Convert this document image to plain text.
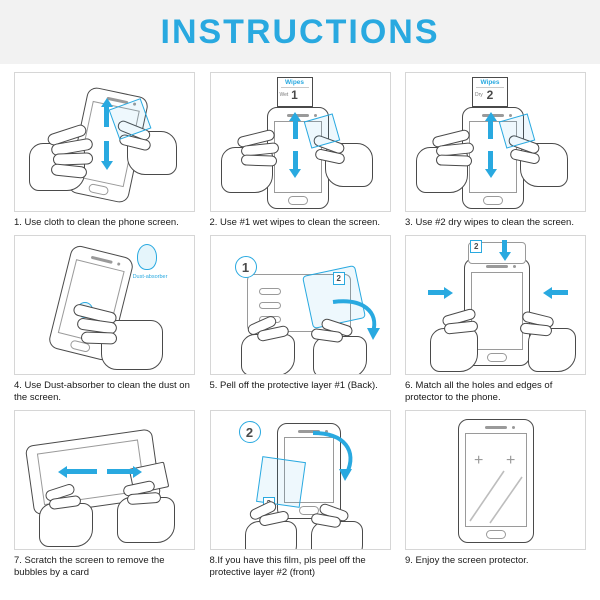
INSTRUCTIONS
1. Use cloth to clean the phone screen.
Wipes
1
Wet
2. Use #1 wet wipes to clean the screen.
Wipes
2
Dry
3. Use #2 dry wipes to clean the screen.
Dust-absorber
4. Use Dust-absorber to clean the dust on the screen.
1
2
5. Pell off the protective layer #1 (Back).
2
6. Match all the holes and edges of protector to the phone.
7. Scratch the screen to remove the bubbles by a card
2
8.If you have this film, pls peel off the protective layer #2 (front)
+ +
9. Enjoy the screen protector.
